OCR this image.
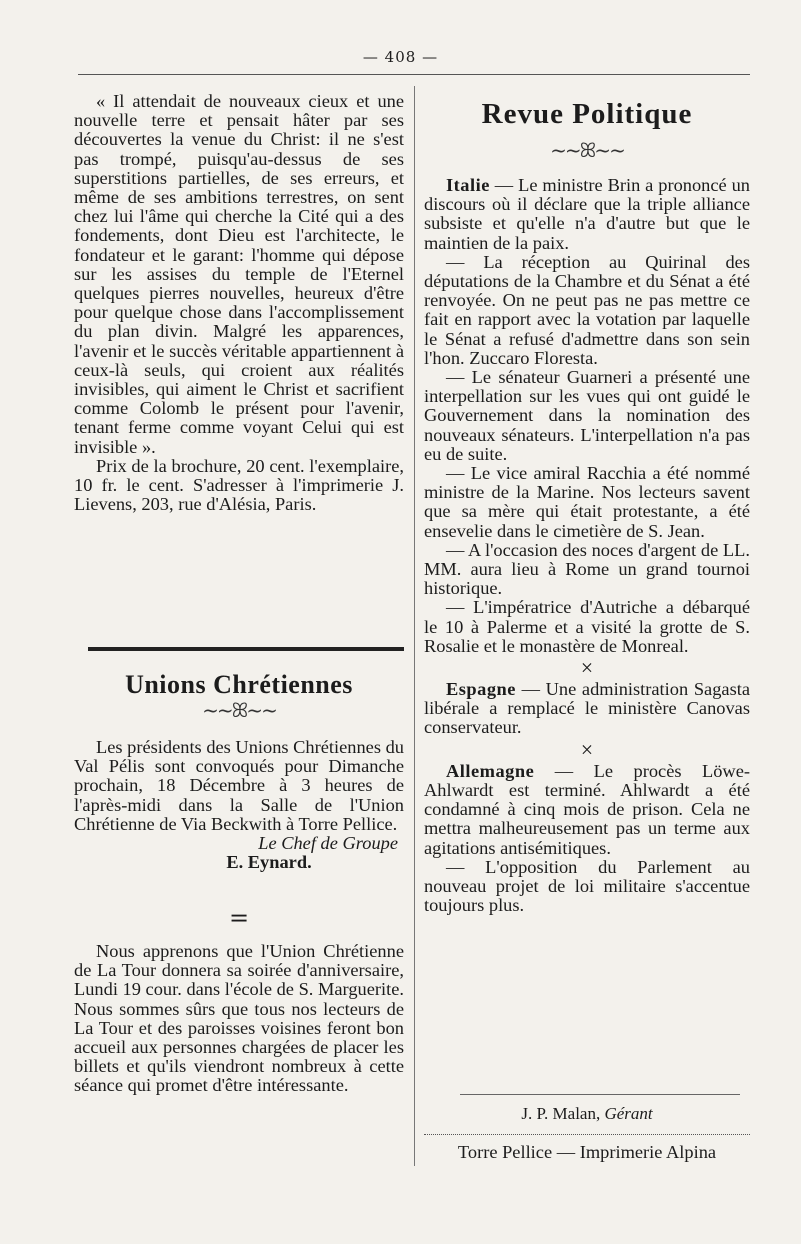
— 408 —

« Il attendait de nouveaux cieux et une nouvelle terre et pensait hâter par ses découvertes la venue du Christ: il ne s'est pas trompé, puisqu'au-dessus de ses superstitions partielles, de ses erreurs, et même de ses ambitions terrestres, on sent chez lui l'âme qui cherche la Cité qui a des fondements, dont Dieu est l'architecte, le fondateur et le garant: l'homme qui dépose sur les assises du temple de l'Eternel quelques pierres nouvelles, heureux d'être pour quelque chose dans l'accomplissement du plan divin. Malgré les apparences, l'avenir et le succès véritable appartiennent à ceux-là seuls, qui croient aux réalités invisibles, qui aiment le Christ et sacrifient comme Colomb le présent pour l'avenir, tenant ferme comme voyant Celui qui est invisible ».

Prix de la brochure, 20 cent. l'exemplaire, 10 fr. le cent. S'adresser à l'imprimerie J. Lievens, 203, rue d'Alésia, Paris.

Unions Chrétiennes
~~ꕤ~~

Les présidents des Unions Chrétiennes du Val Pélis sont convoqués pour Dimanche prochain, 18 Décembre à 3 heures de l'après-midi dans la Salle de l'Union Chrétienne de Via Beckwith à Torre Pellice.

Le Chef de Groupe

E. Eynard.

=

Nous apprenons que l'Union Chrétienne de La Tour donnera sa soirée d'anniversaire, Lundi 19 cour. dans l'école de S. Marguerite. Nous sommes sûrs que tous nos lecteurs de La Tour et des paroisses voisines feront bon accueil aux personnes chargées de placer les billets et qu'ils viendront nombreux à cette séance qui promet d'être intéressante.

Revue Politique
~~ꕤ~~

Italie — Le ministre Brin a prononcé un discours où il déclare que la triple alliance subsiste et qu'elle n'a d'autre but que le maintien de la paix.

— La réception au Quirinal des députations de la Chambre et du Sénat a été renvoyée. On ne peut pas ne pas mettre ce fait en rapport avec la votation par laquelle le Sénat a refusé d'admettre dans son sein l'hon. Zuccaro Floresta.

— Le sénateur Guarneri a présenté une interpellation sur les vues qui ont guidé le Gouvernement dans la nomination des nouveaux sénateurs. L'interpellation n'a pas eu de suite.

— Le vice amiral Racchia a été nommé ministre de la Marine. Nos lecteurs savent que sa mère qui était protestante, a été ensevelie dans le cimetière de S. Jean.

— A l'occasion des noces d'argent de LL. MM. aura lieu à Rome un grand tournoi historique.

— L'impératrice d'Autriche a débarqué le 10 à Palerme et a visité la grotte de S. Rosalie et le monastère de Monreal.

×

Espagne — Une administration Sagasta libérale a remplacé le ministère Canovas conservateur.

×

Allemagne — Le procès Löwe-Ahlwardt est terminé. Ahlwardt a été condamné à cinq mois de prison. Cela ne mettra malheureusement pas un terme aux agitations antisémitiques.

— L'opposition du Parlement au nouveau projet de loi militaire s'accentue toujours plus.

J. P. Malan, Gérant
Torre Pellice — Imprimerie Alpina
